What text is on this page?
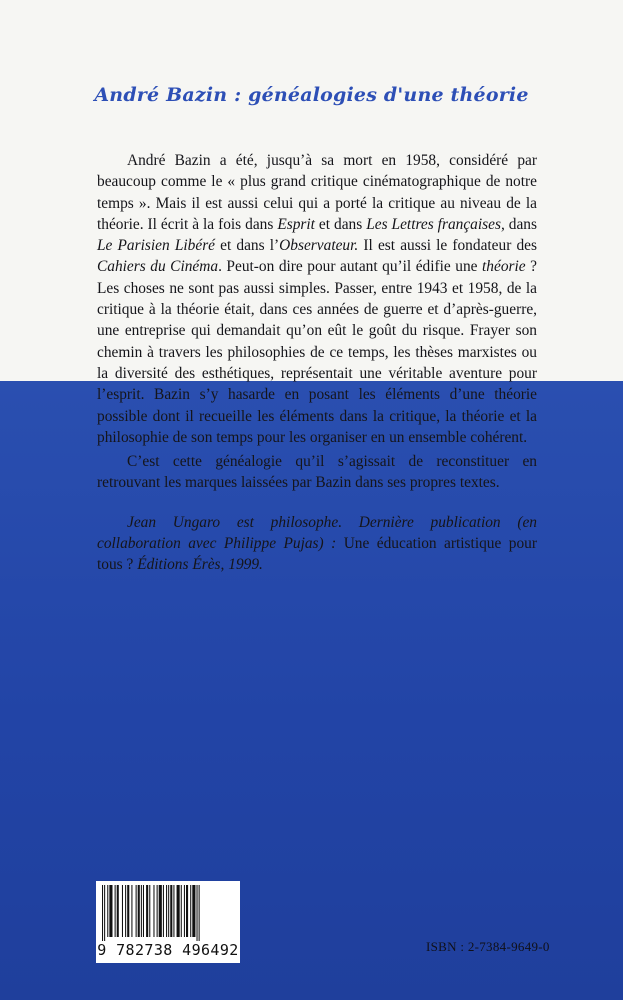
André Bazin : généalogies d'une théorie

André Bazin a été, jusqu’à sa mort en 1958, considéré par beaucoup comme le « plus grand critique cinématographique de notre temps ». Mais il est aussi celui qui a porté la critique au niveau de la théorie. Il écrit à la fois dans Esprit et dans Les Lettres françaises, dans Le Parisien Libéré et dans l’Observateur. Il est aussi le fondateur des Cahiers du Cinéma. Peut-on dire pour autant qu’il édifie une théorie ? Les choses ne sont pas aussi simples. Passer, entre 1943 et 1958, de la critique à la théorie était, dans ces années de guerre et d’après-guerre, une entreprise qui demandait qu’on eût le goût du risque. Frayer son chemin à travers les philosophies de ce temps, les thèses marxistes ou la diversité des esthétiques, représentait une véritable aventure pour l’esprit. Bazin s’y hasarde en posant les éléments d’une théorie possible dont il recueille les éléments dans la critique, la théorie et la philosophie de son temps pour les organiser en un ensemble cohérent.

C’est cette généalogie qu’il s’agissait de reconstituer en retrouvant les marques laissées par Bazin dans ses propres textes.

Jean Ungaro est philosophe. Dernière publication (en collaboration avec Philippe Pujas) : Une éducation artistique pour tous ? Éditions Érès, 1999.

9 782738 496492	ISBN : 2-7384-9649-0
